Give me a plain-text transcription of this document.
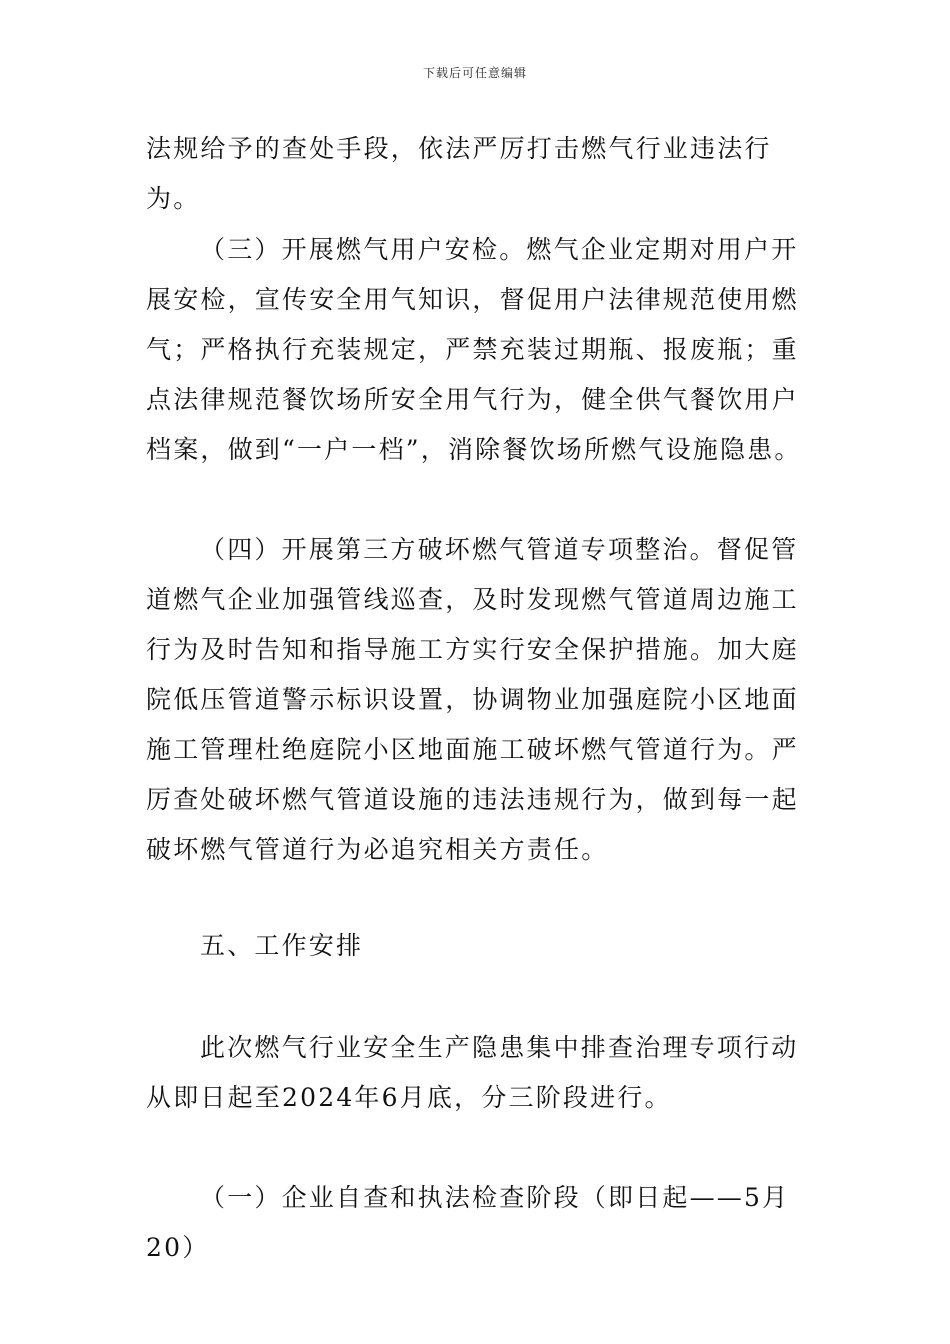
下载后可任意编辑

法规给予的查处手段，依法严厉打击燃气行业违法行为。

（三）开展燃气用户安检。燃气企业定期对用户开展安检，宣传安全用气知识，督促用户法律规范使用燃气；严格执行充装规定，严禁充装过期瓶、报废瓶；重点法律规范餐饮场所安全用气行为，健全供气餐饮用户档案，做到“一户一档”，消除餐饮场所燃气设施隐患。

（四）开展第三方破坏燃气管道专项整治。督促管道燃气企业加强管线巡查，及时发现燃气管道周边施工行为及时告知和指导施工方实行安全保护措施。加大庭院低压管道警示标识设置，协调物业加强庭院小区地面施工管理杜绝庭院小区地面施工破坏燃气管道行为。严厉查处破坏燃气管道设施的违法违规行为，做到每一起破坏燃气管道行为必追究相关方责任。

五、工作安排

此次燃气行业安全生产隐患集中排查治理专项行动从即日起至2024年6月底，分三阶段进行。

（一）企业自查和执法检查阶段（即日起——5月20）
